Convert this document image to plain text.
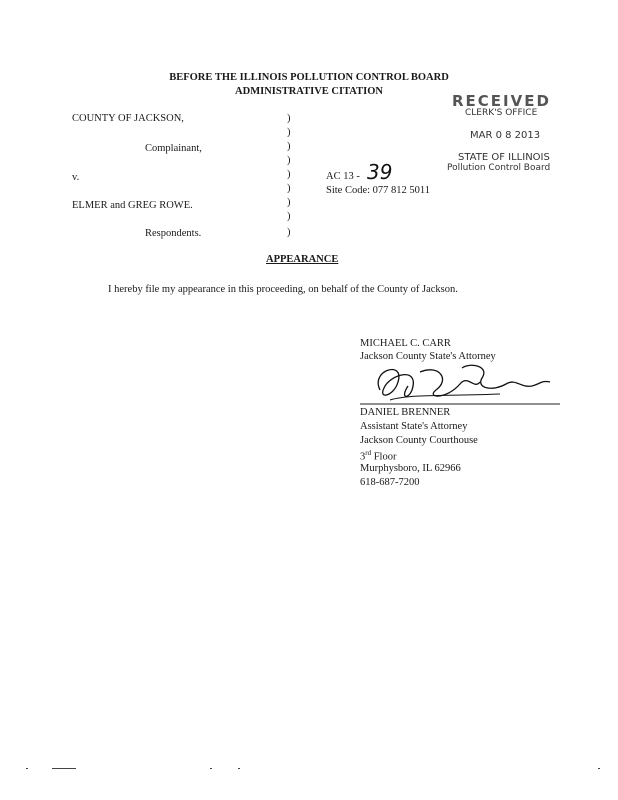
BEFORE THE ILLINOIS POLLUTION CONTROL BOARD
ADMINISTRATIVE CITATION
RECEIVED
CLERK'S OFFICE
MAR 0 8 2013
STATE OF ILLINOIS
Pollution Control Board
COUNTY OF JACKSON,
Complainant,
v.
ELMER and GREG ROWE.
Respondents.
)
)
)
)
)
)
)
)
)
AC 13 - 39
Site Code: 077 812 5011
APPEARANCE
I hereby file my appearance in this proceeding, on behalf of the County of Jackson.
MICHAEL C. CARR
Jackson County State's Attorney
DANIEL BRENNER
Assistant State's Attorney
Jackson County Courthouse
3rd Floor
Murphysboro, IL 62966
618-687-7200
